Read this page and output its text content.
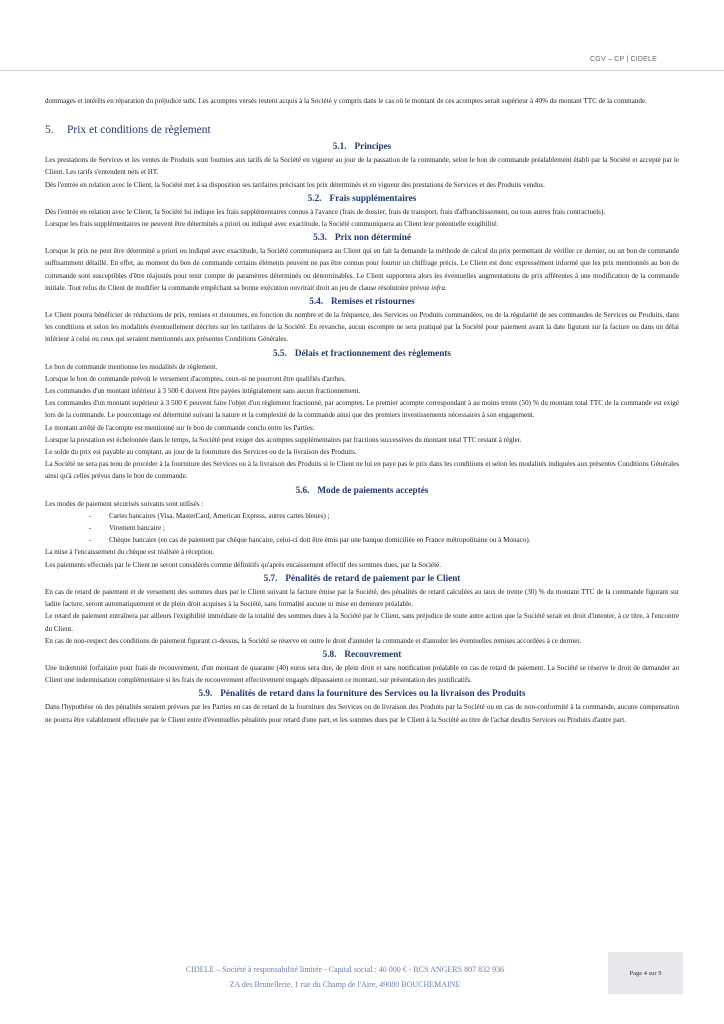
CGV – CP | CIDELE

dommages et intérêts en réparation du préjudice subi. Les acomptes versés restent acquis à la Société y compris dans le cas où le montant de ces acomptes serait supérieur à 40% du montant TTC de la commande.

5. Prix et conditions de règlement
5.1. Principes

Les prestations de Services et les ventes de Produits sont fournies aux tarifs de la Société en vigueur au jour de la passation de la commande, selon le bon de commande préalablement établi par la Société et accepté par le Client. Les tarifs s'entendent nets et HT.

Dès l'entrée en relation avec le Client, la Société met à sa disposition ses tarifaires précisant les prix déterminés et en vigueur des prestations de Services et des Produits vendus.

5.2. Frais supplémentaires

Dès l'entrée en relation avec le Client, la Société lui indique les frais supplémentaires connus à l'avance (frais de dossier, frais de transport, frais d'affranchissement, ou tous autres frais contractuels).

Lorsque les frais supplémentaires ne peuvent être déterminés a priori ou indiqué avec exactitude, la Société communiquera au Client leur potentielle exigibilité.

5.3. Prix non déterminé

Lorsque le prix ne peut être déterminé a priori ou indiqué avec exactitude, la Société communiquera au Client qui en fait la demande la méthode de calcul du prix permettant de vérifier ce dernier, ou un bon de commande suffisamment détaillé. En effet, au moment du bon de commande certains éléments peuvent ne pas être connus pour fournir un chiffrage précis. Le Client est donc expressément informé que les prix mentionnés au bon de commande sont susceptibles d'être réajustés pour tenir compte de paramètres déterminés ou déterminables. Le Client supportera alors les éventuelles augmentations de prix afférentes à une modification de la commande initiale. Tout refus du Client de modifier la commande empêchant sa bonne exécution ouvrirait droit au jeu de clause résolutoire prévue infra.

5.4. Remises et ristournes

Le Client pourra bénéficier de réductions de prix, remises et ristournes, en fonction du nombre et de la fréquence, des Services ou Produits commandées, ou de la régularité de ses commandes de Services ou Produits, dans les conditions et selon les modalités éventuellement décrites sur les tarifaires de la Société. En revanche, aucun escompte ne sera pratiqué par la Société pour paiement avant la date figurant sur la facture ou dans un délai inférieur à celui ou ceux qui seraient mentionnés aux présentes Conditions Générales.

5.5. Délais et fractionnement des règlements

Le bon de commande mentionne les modalités de règlement.

Lorsque le bon de commande prévoit le versement d'acomptes, ceux-ni ne pourront être qualifiés d'arrhes.

Les commandes d'un montant inférieur à 3 500 € doivent être payées intégralement sans aucun fractionnement.

Les commandes d'un montant supérieur à 3 500 € peuvent faire l'objet d'un règlement fractionné, par acomptes. Le premier acompte correspondant à au moins trente (50) % du montant total TTC de la commande est exigé lors de la commande. Le pourcentage est déterminé suivant la nature et la complexité de la commande ainsi que des premiers investissements nécessaires à son engagement.

Le montant arrêté de l'acompte est mentionné sur le bon de commande conclu entre les Parties.

Lorsque la prestation est échelonnée dans le temps, la Société peut exiger des acomptes supplémentaires par fractions successives du montant total TTC restant à régler.

Le solde du prix est payable au comptant, au jour de la fourniture des Services ou de la livraison des Produits.

La Société ne sera pas tenu de procéder à la fourniture des Services ou à la livraison des Produits si le Client ne lui en paye pas le prix dans les conditions et selon les modalités indiquées aux présentes Conditions Générales ainsi qu'à celles prévus dans le bon de commande.

5.6. Mode de paiements acceptés

Les modes de paiement sécurisés suivants sont utilisés :

- Cartes bancaires (Visa, MasterCard, American Express, autres cartes bleues) ;
- Virement bancaire ;
- Chèque bancaire (en cas de paiement par chèque bancaire, celui-ci doit être émis par une banque domiciliée en France métropolitaine ou à Monaco).

La mise à l'encaissement du chèque est réalisée à réception.

Les paiements effectués par le Client ne seront considérés comme définitifs qu'après encaissement effectif des sommes dues, par la Société.

5.7. Pénalités de retard de paiement par le Client

En cas de retard de paiement et de versement des sommes dues par le Client suivant la facture émise par la Société, des pénalités de retard calculées au taux de trente (30) % du montant TTC de la commande figurant sur ladite facture, seront automatiquement et de plein droit acquises à la Société, sans formalité aucune ni mise en demeure préalable.

Le retard de paiement entraînera par ailleurs l'exigibilité immédiate de la totalité des sommes dues à la Société par le Client, sans préjudice de toute autre action que la Société serait en droit d'intenter, à ce titre, à l'encontre du Client.

En cas de non-respect des conditions de paiement figurant ci-dessus, la Société se réserve en outre le droit d'annuler la commande et d'annuler les éventuelles remises accordées à ce dernier.

5.8. Recouvrement

Une indemnité forfaitaire pour frais de recouvrement, d'un montant de quarante (40) euros sera due, de plein droit et sans notification préalable en cas de retard de paiement. La Société se réserve le droit de demander au Client une indemnisation complémentaire si les frais de recouvrement effectivement engagés dépassaient ce montant, sur présentation des justificatifs.

5.9. Pénalités de retard dans la fourniture des Services ou la livraison des Produits

Dans l'hypothèse où des pénalités seraient prévues par les Parties en cas de retard de la fourniture des Services ou de livraison des Produits par la Société ou en cas de non-conformité à la commande, aucune compensation ne pourra être valablement effectuée par le Client entre d'éventuelles pénalités pour retard d'une part, et les sommes dues par le Client à la Société au titre de l'achat desdits Services ou Produits d'autre part.

CIDELE – Société à responsabilité limitée - Capital social : 40 000 € - RCS ANGERS 807 832 936
ZA des Brunellerie, 1 rue du Champ de l'Aire, 49080 BOUCHEMAINE
Page 4 sur 9
